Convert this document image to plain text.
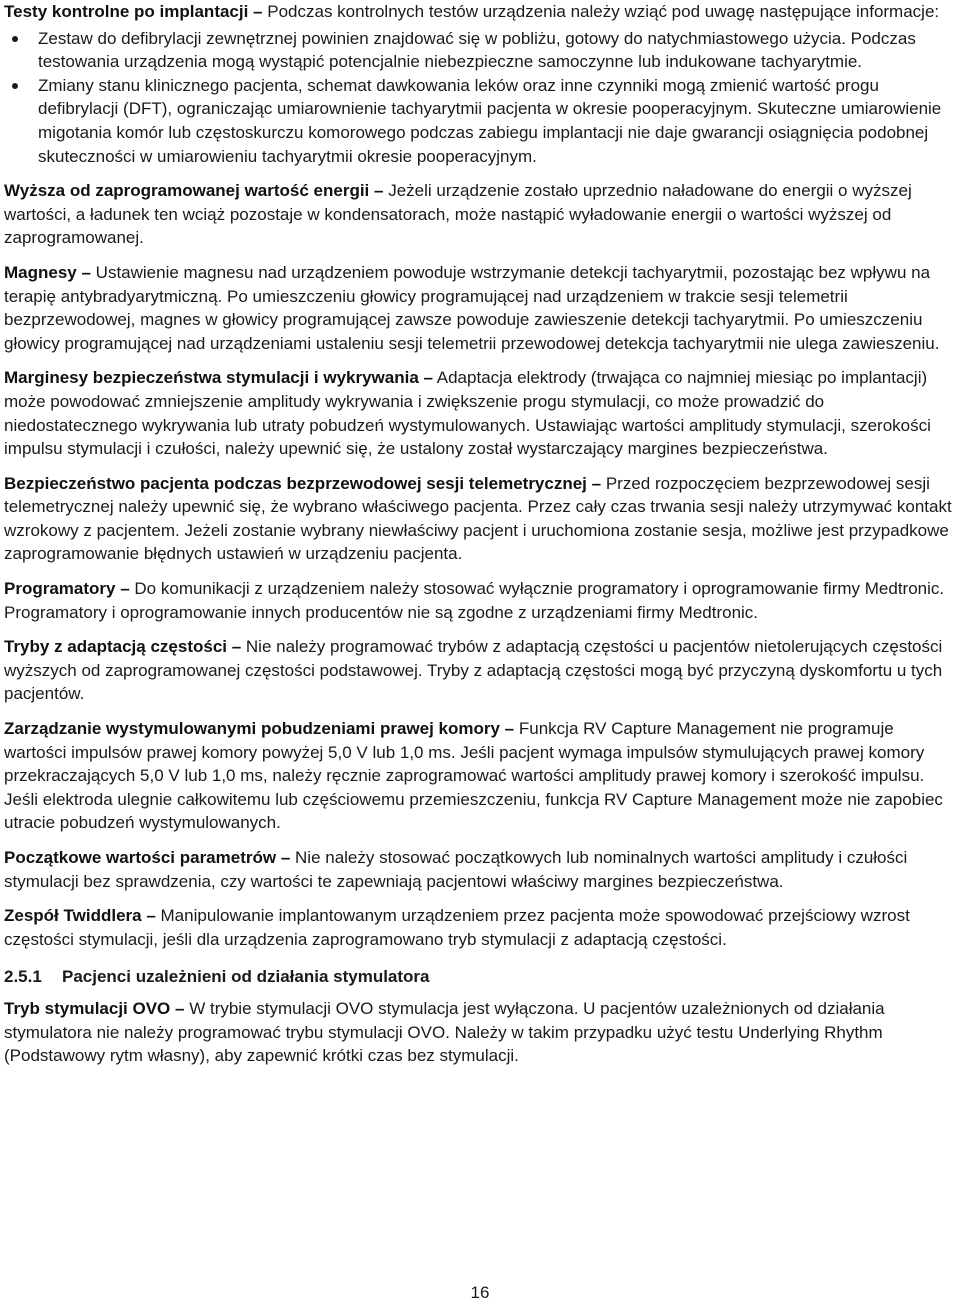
Testy kontrolne po implantacji – Podczas kontrolnych testów urządzenia należy wziąć pod uwagę następujące informacje:

Zestaw do defibrylacji zewnętrznej powinien znajdować się w pobliżu, gotowy do natychmiastowego użycia. Podczas testowania urządzenia mogą wystąpić potencjalnie niebezpieczne samoczynne lub indukowane tachyarytmie.
Zmiany stanu klinicznego pacjenta, schemat dawkowania leków oraz inne czynniki mogą zmienić wartość progu defibrylacji (DFT), ograniczając umiarownienie tachyarytmii pacjenta w okresie pooperacyjnym. Skuteczne umiarowienie migotania komór lub częstoskurczu komorowego podczas zabiegu implantacji nie daje gwarancji osiągnięcia podobnej skuteczności w umiarowieniu tachyarytmii okresie pooperacyjnym.

Wyższa od zaprogramowanej wartość energii – Jeżeli urządzenie zostało uprzednio naładowane do energii o wyższej wartości, a ładunek ten wciąż pozostaje w kondensatorach, może nastąpić wyładowanie energii o wartości wyższej od zaprogramowanej.

Magnesy – Ustawienie magnesu nad urządzeniem powoduje wstrzymanie detekcji tachyarytmii, pozostając bez wpływu na terapię antybradyarytmiczną. Po umieszczeniu głowicy programującej nad urządzeniem w trakcie sesji telemetrii bezprzewodowej, magnes w głowicy programującej zawsze powoduje zawieszenie detekcji tachyarytmii. Po umieszczeniu głowicy programującej nad urządzeniami ustaleniu sesji telemetrii przewodowej detekcja tachyarytmii nie ulega zawieszeniu.

Marginesy bezpieczeństwa stymulacji i wykrywania – Adaptacja elektrody (trwająca co najmniej miesiąc po implantacji) może powodować zmniejszenie amplitudy wykrywania i zwiększenie progu stymulacji, co może prowadzić do niedostatecznego wykrywania lub utraty pobudzeń wystymulowanych. Ustawiając wartości amplitudy stymulacji, szerokości impulsu stymulacji i czułości, należy upewnić się, że ustalony został wystarczający margines bezpieczeństwa.

Bezpieczeństwo pacjenta podczas bezprzewodowej sesji telemetrycznej – Przed rozpoczęciem bezprzewodowej sesji telemetrycznej należy upewnić się, że wybrano właściwego pacjenta. Przez cały czas trwania sesji należy utrzymywać kontakt wzrokowy z pacjentem. Jeżeli zostanie wybrany niewłaściwy pacjent i uruchomiona zostanie sesja, możliwe jest przypadkowe zaprogramowanie błędnych ustawień w urządzeniu pacjenta.

Programatory – Do komunikacji z urządzeniem należy stosować wyłącznie programatory i oprogramowanie firmy Medtronic. Programatory i oprogramowanie innych producentów nie są zgodne z urządzeniami firmy Medtronic.

Tryby z adaptacją częstości – Nie należy programować trybów z adaptacją częstości u pacjentów nietolerujących częstości wyższych od zaprogramowanej częstości podstawowej. Tryby z adaptacją częstości mogą być przyczyną dyskomfortu u tych pacjentów.

Zarządzanie wystymulowanymi pobudzeniami prawej komory – Funkcja RV Capture Management nie programuje wartości impulsów prawej komory powyżej 5,0 V lub 1,0 ms. Jeśli pacjent wymaga impulsów stymulujących prawej komory przekraczających 5,0 V lub 1,0 ms, należy ręcznie zaprogramować wartości amplitudy prawej komory i szerokość impulsu. Jeśli elektroda ulegnie całkowitemu lub częściowemu przemieszczeniu, funkcja RV Capture Management może nie zapobiec utracie pobudzeń wystymulowanych.

Początkowe wartości parametrów – Nie należy stosować początkowych lub nominalnych wartości amplitudy i czułości stymulacji bez sprawdzenia, czy wartości te zapewniają pacjentowi właściwy margines bezpieczeństwa.

Zespół Twiddlera – Manipulowanie implantowanym urządzeniem przez pacjenta może spowodować przejściowy wzrost częstości stymulacji, jeśli dla urządzenia zaprogramowano tryb stymulacji z adaptacją częstości.

2.5.1 Pacjenci uzależnieni od działania stymulatora

Tryb stymulacji OVO – W trybie stymulacji OVO stymulacja jest wyłączona. U pacjentów uzależnionych od działania stymulatora nie należy programować trybu stymulacji OVO. Należy w takim przypadku użyć testu Underlying Rhythm (Podstawowy rytm własny), aby zapewnić krótki czas bez stymulacji.

16
